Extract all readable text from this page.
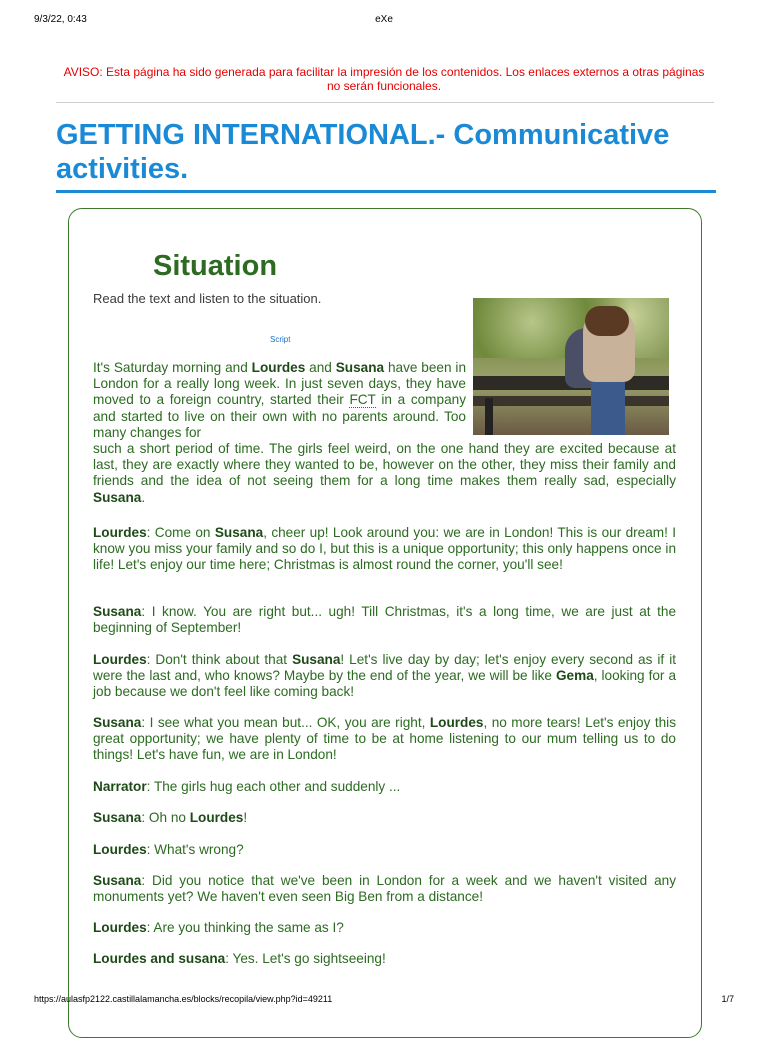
9/3/22, 0:43	eXe
AVISO: Esta página ha sido generada para facilitar la impresión de los contenidos. Los enlaces externos a otras páginas no serán funcionales.
GETTING INTERNATIONAL.- Communicative activities.
Situation
Read the text and listen to the situation.
Script
It's Saturday morning and Lourdes and Susana have been in London for a really long week. In just seven days, they have moved to a foreign country, started their FCT in a company and started to live on their own with no parents around. Too many changes for
such a short period of time. The girls feel weird, on the one hand they are excited because at last, they are exactly where they wanted to be, however on the other, they miss their family and friends and the idea of not seeing them for a long time makes them really sad, especially Susana.
Lourdes: Come on Susana, cheer up! Look around you: we are in London! This is our dream! I know you miss your family and so do I, but this is a unique opportunity; this only happens once in life! Let's enjoy our time here; Christmas is almost round the corner, you'll see!
Susana: I know. You are right but... ugh! Till Christmas, it's a long time, we are just at the beginning of September!
Lourdes: Don't think about that Susana! Let's live day by day; let's enjoy every second as if it were the last and, who knows? Maybe by the end of the year, we will be like Gema, looking for a job because we don't feel like coming back!
Susana: I see what you mean but... OK, you are right, Lourdes, no more tears! Let's enjoy this great opportunity; we have plenty of time to be at home listening to our mum telling us to do things! Let's have fun, we are in London!
Narrator: The girls hug each other and suddenly ...
Susana: Oh no Lourdes!
Lourdes: What's wrong?
Susana: Did you notice that we've been in London for a week and we haven't visited any monuments yet? We haven't even seen Big Ben from a distance!
Lourdes: Are you thinking the same as I?
Lourdes and susana: Yes. Let's go sightseeing!
https://aulasfp2122.castillalamancha.es/blocks/recopila/view.php?id=49211	1/7
